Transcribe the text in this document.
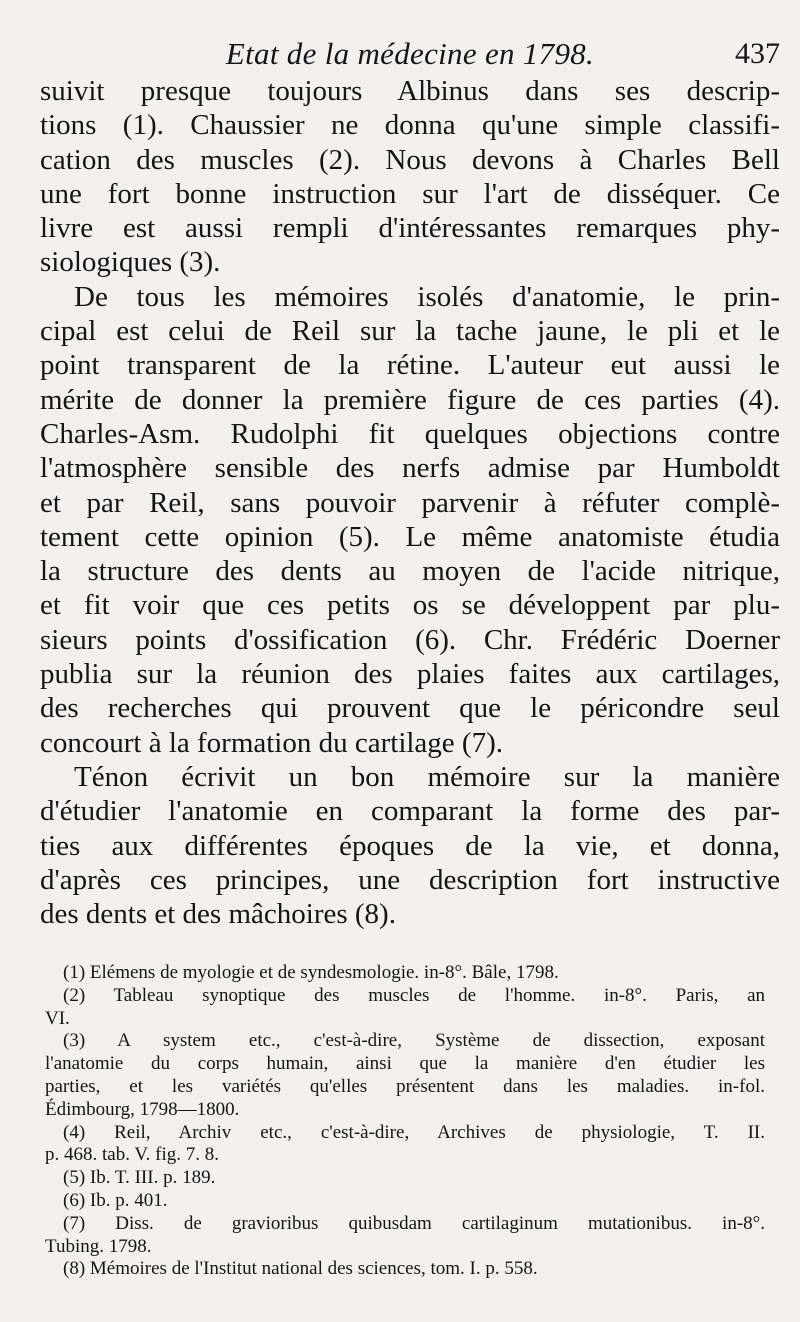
Etat de la médecine en 1798.	437
suivit presque toujours Albinus dans ses descrip-
tions (1). Chaussier ne donna qu'une simple classifi-
cation des muscles (2). Nous devons à Charles Bell
une fort bonne instruction sur l'art de disséquer. Ce
livre est aussi rempli d'intéressantes remarques phy-
siologiques (3).
De tous les mémoires isolés d'anatomie, le prin-
cipal est celui de Reil sur la tache jaune, le pli et le
point transparent de la rétine. L'auteur eut aussi le
mérite de donner la première figure de ces parties (4).
Charles-Asm. Rudolphi fit quelques objections contre
l'atmosphère sensible des nerfs admise par Humboldt
et par Reil, sans pouvoir parvenir à réfuter complè-
tement cette opinion (5). Le même anatomiste étudia
la structure des dents au moyen de l'acide nitrique,
et fit voir que ces petits os se développent par plu-
sieurs points d'ossification (6). Chr. Frédéric Doerner
publia sur la réunion des plaies faites aux cartilages,
des recherches qui prouvent que le péricondre seul
concourt à la formation du cartilage (7).
Ténon écrivit un bon mémoire sur la manière
d'étudier l'anatomie en comparant la forme des par-
ties aux différentes époques de la vie, et donna,
d'après ces principes, une description fort instructive
des dents et des mâchoires (8).
(1) Elémens de myologie et de syndesmologie. in-8°. Bâle, 1798.
(2) Tableau synoptique des muscles de l'homme. in-8°. Paris, an
VI.
(3) A system etc., c'est-à-dire, Système de dissection, exposant
l'anatomie du corps humain, ainsi que la manière d'en étudier les
parties, et les variétés qu'elles présentent dans les maladies. in-fol.
Édimbourg, 1798—1800.
(4) Reil, Archiv etc., c'est-à-dire, Archives de physiologie, T. II.
p. 468. tab. V. fig. 7. 8.
(5) Ib. T. III. p. 189.
(6) Ib. p. 401.
(7) Diss. de gravioribus quibusdam cartilaginum mutationibus. in-8°.
Tubing. 1798.
(8) Mémoires de l'Institut national des sciences, tom. I. p. 558.
